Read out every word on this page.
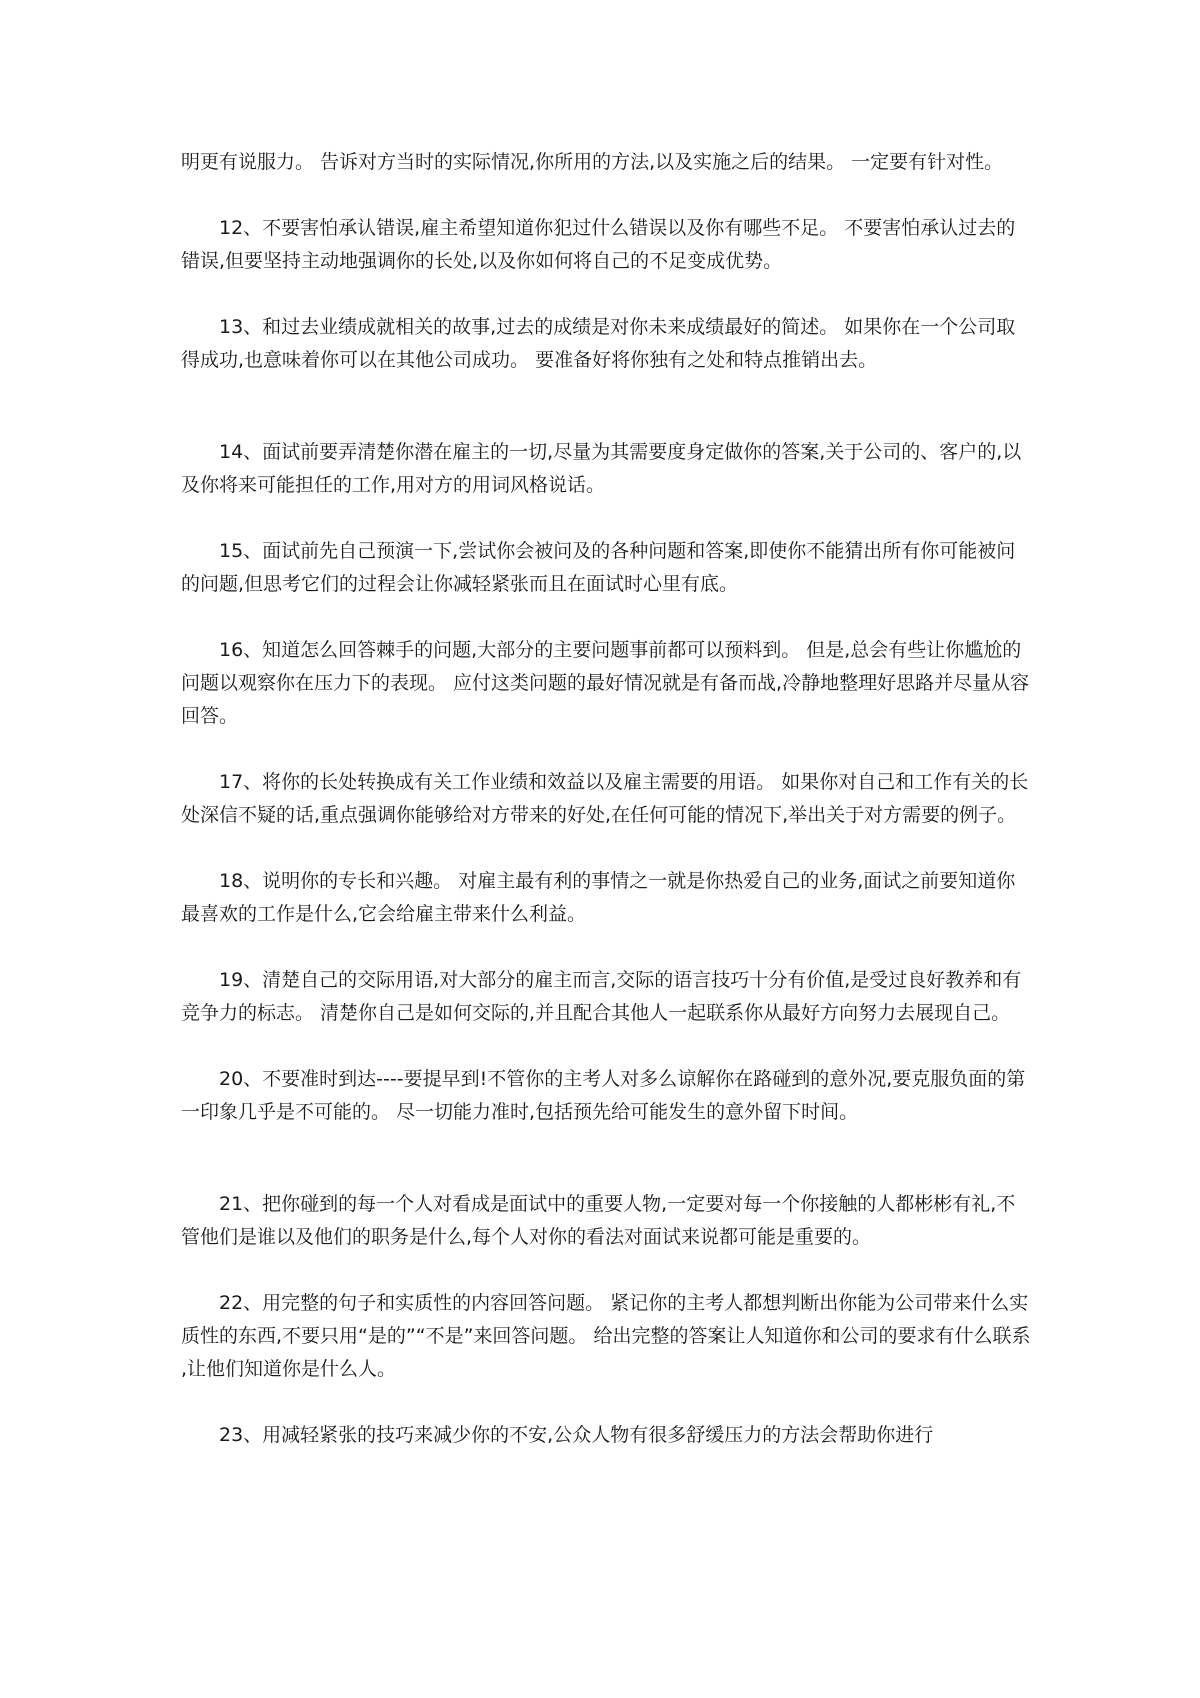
明更有说服力。 告诉对方当时的实际情况,你所用的方法,以及实施之后的结果。 一定要有针对性。

12、不要害怕承认错误,雇主希望知道你犯过什么错误以及你有哪些不足。 不要害怕承认过去的错误,但要坚持主动地强调你的长处,以及你如何将自己的不足变成优势。

13、和过去业绩成就相关的故事,过去的成绩是对你未来成绩最好的简述。 如果你在一个公司取得成功,也意味着你可以在其他公司成功。 要准备好将你独有之处和特点推销出去。

14、面试前要弄清楚你潜在雇主的一切,尽量为其需要度身定做你的答案,关于公司的、客户的,以及你将来可能担任的工作,用对方的用词风格说话。

15、面试前先自己预演一下,尝试你会被问及的各种问题和答案,即使你不能猜出所有你可能被问的问题,但思考它们的过程会让你减轻紧张而且在面试时心里有底。

16、知道怎么回答棘手的问题,大部分的主要问题事前都可以预料到。 但是,总会有些让你尴尬的问题以观察你在压力下的表现。 应付这类问题的最好情况就是有备而战,冷静地整理好思路并尽量从容回答。

17、将你的长处转换成有关工作业绩和效益以及雇主需要的用语。 如果你对自己和工作有关的长处深信不疑的话,重点强调你能够给对方带来的好处,在任何可能的情况下,举出关于对方需要的例子。

18、说明你的专长和兴趣。 对雇主最有利的事情之一就是你热爱自己的业务,面试之前要知道你最喜欢的工作是什么,它会给雇主带来什么利益。

19、清楚自己的交际用语,对大部分的雇主而言,交际的语言技巧十分有价值,是受过良好教养和有竞争力的标志。 清楚你自己是如何交际的,并且配合其他人一起联系你从最好方向努力去展现自己。

20、不要准时到达----要提早到!不管你的主考人对多么谅解你在路碰到的意外况,要克服负面的第一印象几乎是不可能的。 尽一切能力准时,包括预先给可能发生的意外留下时间。

21、把你碰到的每一个人对看成是面试中的重要人物,一定要对每一个你接触的人都彬彬有礼,不管他们是谁以及他们的职务是什么,每个人对你的看法对面试来说都可能是重要的。

22、用完整的句子和实质性的内容回答问题。 紧记你的主考人都想判断出你能为公司带来什么实质性的东西,不要只用“是的”“不是”来回答问题。 给出完整的答案让人知道你和公司的要求有什么联系,让他们知道你是什么人。

23、用减轻紧张的技巧来减少你的不安,公众人物有很多舒缓压力的方法会帮助你进行
